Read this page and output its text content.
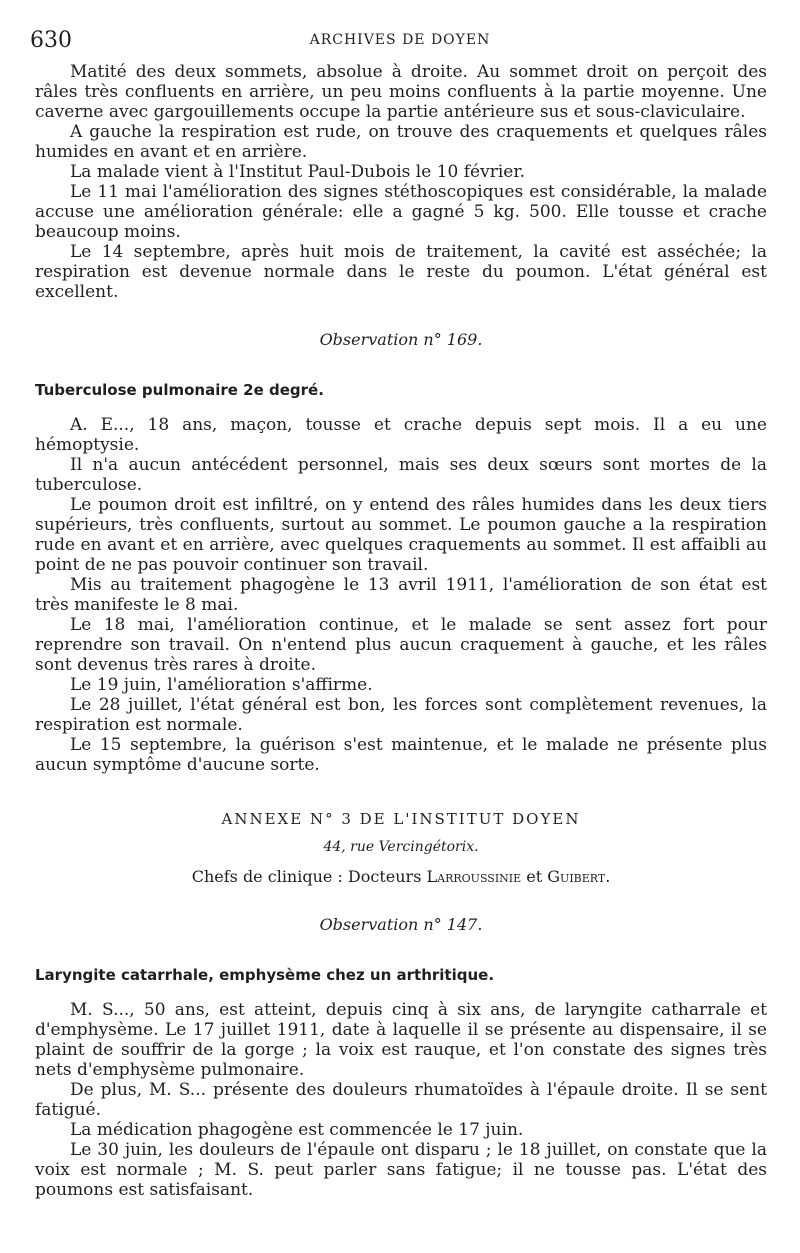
630	ARCHIVES DE DOYEN

Matité des deux sommets, absolue à droite. Au sommet droit on perçoit des râles très confluents en arrière, un peu moins confluents à la partie moyenne. Une caverne avec gargouillements occupe la partie antérieure sus et sous-claviculaire.

A gauche la respiration est rude, on trouve des craquements et quelques râles humides en avant et en arrière.

La malade vient à l'Institut Paul-Dubois le 10 février.

Le 11 mai l'amélioration des signes stéthoscopiques est considérable, la malade accuse une amélioration générale: elle a gagné 5 kg. 500. Elle tousse et crache beaucoup moins.

Le 14 septembre, après huit mois de traitement, la cavité est asséchée; la respiration est devenue normale dans le reste du poumon. L'état général est excellent.

Observation n° 169.
Tuberculose pulmonaire 2e degré.

A. E..., 18 ans, maçon, tousse et crache depuis sept mois. Il a eu une hémoptysie.

Il n'a aucun antécédent personnel, mais ses deux sœurs sont mortes de la tuberculose.

Le poumon droit est infiltré, on y entend des râles humides dans les deux tiers supérieurs, très confluents, surtout au sommet. Le poumon gauche a la respiration rude en avant et en arrière, avec quelques craquements au sommet. Il est affaibli au point de ne pas pouvoir continuer son travail.

Mis au traitement phagogène le 13 avril 1911, l'amélioration de son état est très manifeste le 8 mai.

Le 18 mai, l'amélioration continue, et le malade se sent assez fort pour reprendre son travail. On n'entend plus aucun craquement à gauche, et les râles sont devenus très rares à droite.

Le 19 juin, l'amélioration s'affirme.

Le 28 juillet, l'état général est bon, les forces sont complètement revenues, la respiration est normale.

Le 15 septembre, la guérison s'est maintenue, et le malade ne présente plus aucun symptôme d'aucune sorte.

ANNEXE N° 3 DE L'INSTITUT DOYEN
44, rue Vercingétorix.
Chefs de clinique : Docteurs Larroussinie et Guibert.
Observation n° 147.
Laryngite catarrhale, emphysème chez un arthritique.

M. S..., 50 ans, est atteint, depuis cinq à six ans, de laryngite catharrale et d'emphysème. Le 17 juillet 1911, date à laquelle il se présente au dispensaire, il se plaint de souffrir de la gorge ; la voix est rauque, et l'on constate des signes très nets d'emphysème pulmonaire.

De plus, M. S... présente des douleurs rhumatoïdes à l'épaule droite. Il se sent fatigué.

La médication phagogène est commencée le 17 juin.

Le 30 juin, les douleurs de l'épaule ont disparu ; le 18 juillet, on constate que la voix est normale ; M. S. peut parler sans fatigue; il ne tousse pas. L'état des poumons est satisfaisant.
